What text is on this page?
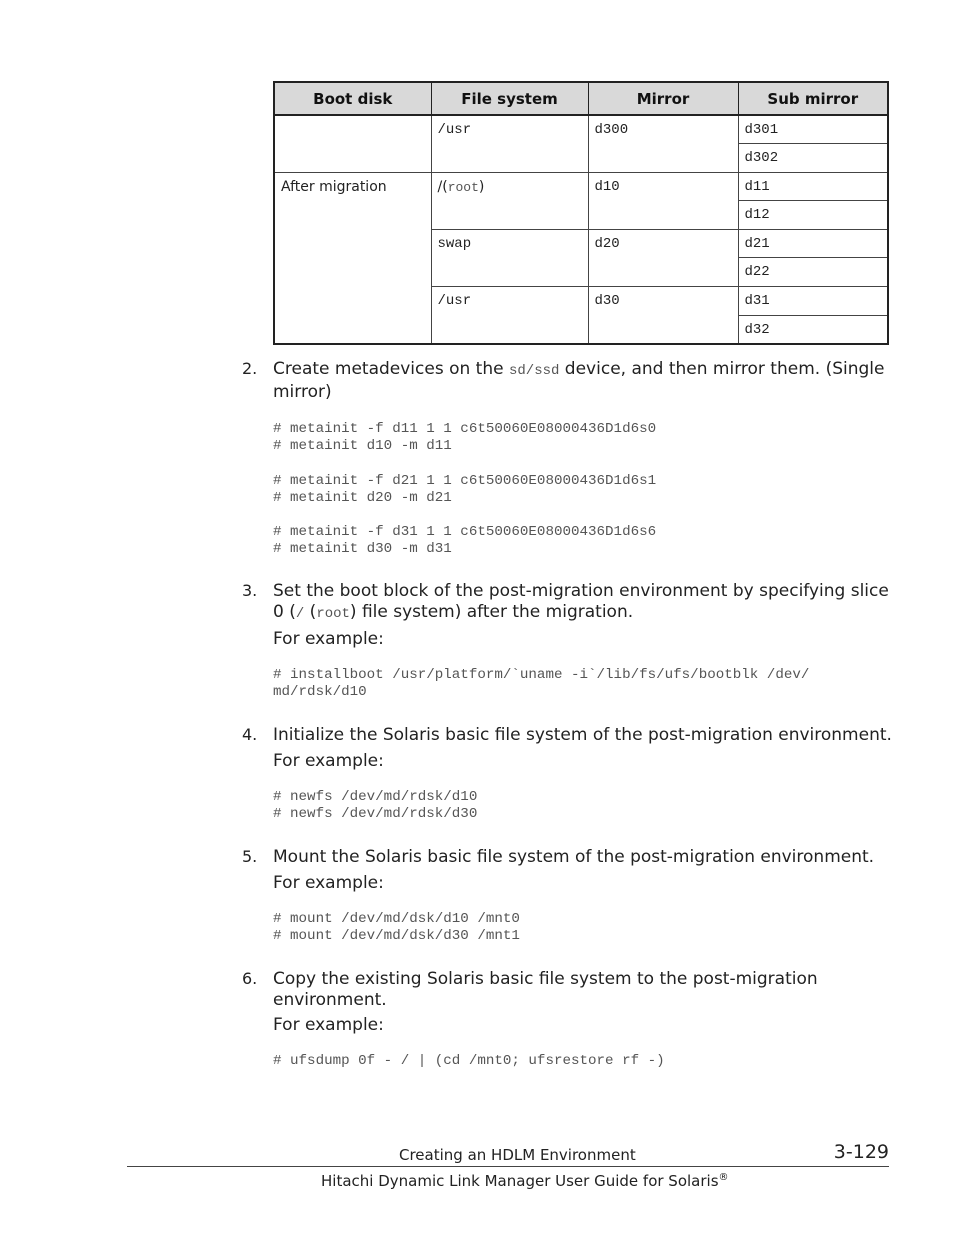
Boot disk	File system	Mirror	Sub mirror
	/usr	d300	d301
			d302
After migration	/(root)	d10	d11
			d12
	swap	d20	d21
			d22
	/usr	d30	d31
			d32
2. Create metadevices on the sd/ssd device, and then mirror them. (Single mirror)
# metainit -f d11 1 1 c6t50060E08000436D1d6s0
# metainit d10 -m d11

# metainit -f d21 1 1 c6t50060E08000436D1d6s1
# metainit d20 -m d21

# metainit -f d31 1 1 c6t50060E08000436D1d6s6
# metainit d30 -m d31
3. Set the boot block of the post-migration environment by specifying slice 0 (/ (root) file system) after the migration.
For example:
# installboot /usr/platform/`uname -i`/lib/fs/ufs/bootblk /dev/
md/rdsk/d10
4. Initialize the Solaris basic file system of the post-migration environment.
For example:
# newfs /dev/md/rdsk/d10
# newfs /dev/md/rdsk/d30
5. Mount the Solaris basic file system of the post-migration environment.
For example:
# mount /dev/md/dsk/d10 /mnt0
# mount /dev/md/dsk/d30 /mnt1
6. Copy the existing Solaris basic file system to the post-migration environment.
For example:
# ufsdump 0f - / | (cd /mnt0; ufsrestore rf -)
Creating an HDLM Environment	3-129
Hitachi Dynamic Link Manager User Guide for Solaris®
